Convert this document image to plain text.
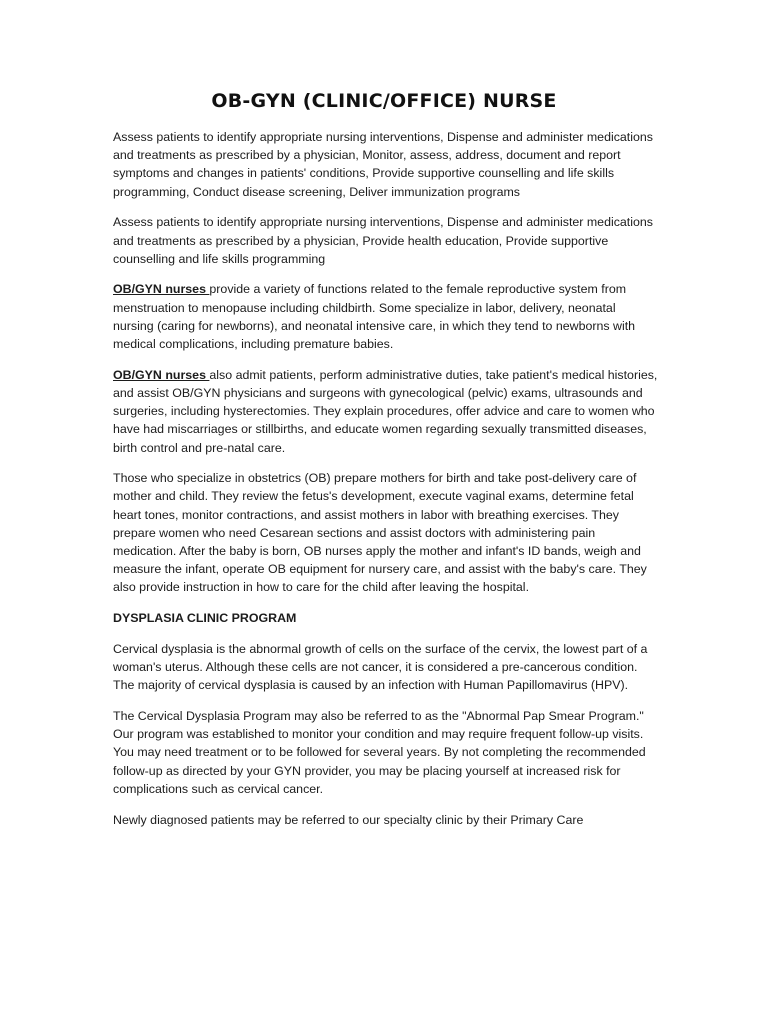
OB-GYN (CLINIC/OFFICE) NURSE

Assess patients to identify appropriate nursing interventions, Dispense and administer medications and treatments as prescribed by a physician, Monitor, assess, address, document and report symptoms and changes in patients' conditions, Provide supportive counselling and life skills programming, Conduct disease screening, Deliver immunization programs

Assess patients to identify appropriate nursing interventions, Dispense and administer medications and treatments as prescribed by a physician, Provide health education, Provide supportive counselling and life skills programming

OB/GYN nurses provide a variety of functions related to the female reproductive system from menstruation to menopause including childbirth. Some specialize in labor, delivery, neonatal nursing (caring for newborns), and neonatal intensive care, in which they tend to newborns with medical complications, including premature babies.

OB/GYN nurses also admit patients, perform administrative duties, take patient's medical histories, and assist OB/GYN physicians and surgeons with gynecological (pelvic) exams, ultrasounds and surgeries, including hysterectomies. They explain procedures, offer advice and care to women who have had miscarriages or stillbirths, and educate women regarding sexually transmitted diseases, birth control and pre-natal care.

Those who specialize in obstetrics (OB) prepare mothers for birth and take post-delivery care of mother and child. They review the fetus's development, execute vaginal exams, determine fetal heart tones, monitor contractions, and assist mothers in labor with breathing exercises. They prepare women who need Cesarean sections and assist doctors with administering pain medication. After the baby is born, OB nurses apply the mother and infant's ID bands, weigh and measure the infant, operate OB equipment for nursery care, and assist with the baby's care. They also provide instruction in how to care for the child after leaving the hospital.

DYSPLASIA CLINIC PROGRAM

Cervical dysplasia is the abnormal growth of cells on the surface of the cervix, the lowest part of a woman's uterus. Although these cells are not cancer, it is considered a pre-cancerous condition. The majority of cervical dysplasia is caused by an infection with Human Papillomavirus (HPV).

The Cervical Dysplasia Program may also be referred to as the "Abnormal Pap Smear Program." Our program was established to monitor your condition and may require frequent follow-up visits. You may need treatment or to be followed for several years. By not completing the recommended follow-up as directed by your GYN provider, you may be placing yourself at increased risk for complications such as cervical cancer.

Newly diagnosed patients may be referred to our specialty clinic by their Primary Care
